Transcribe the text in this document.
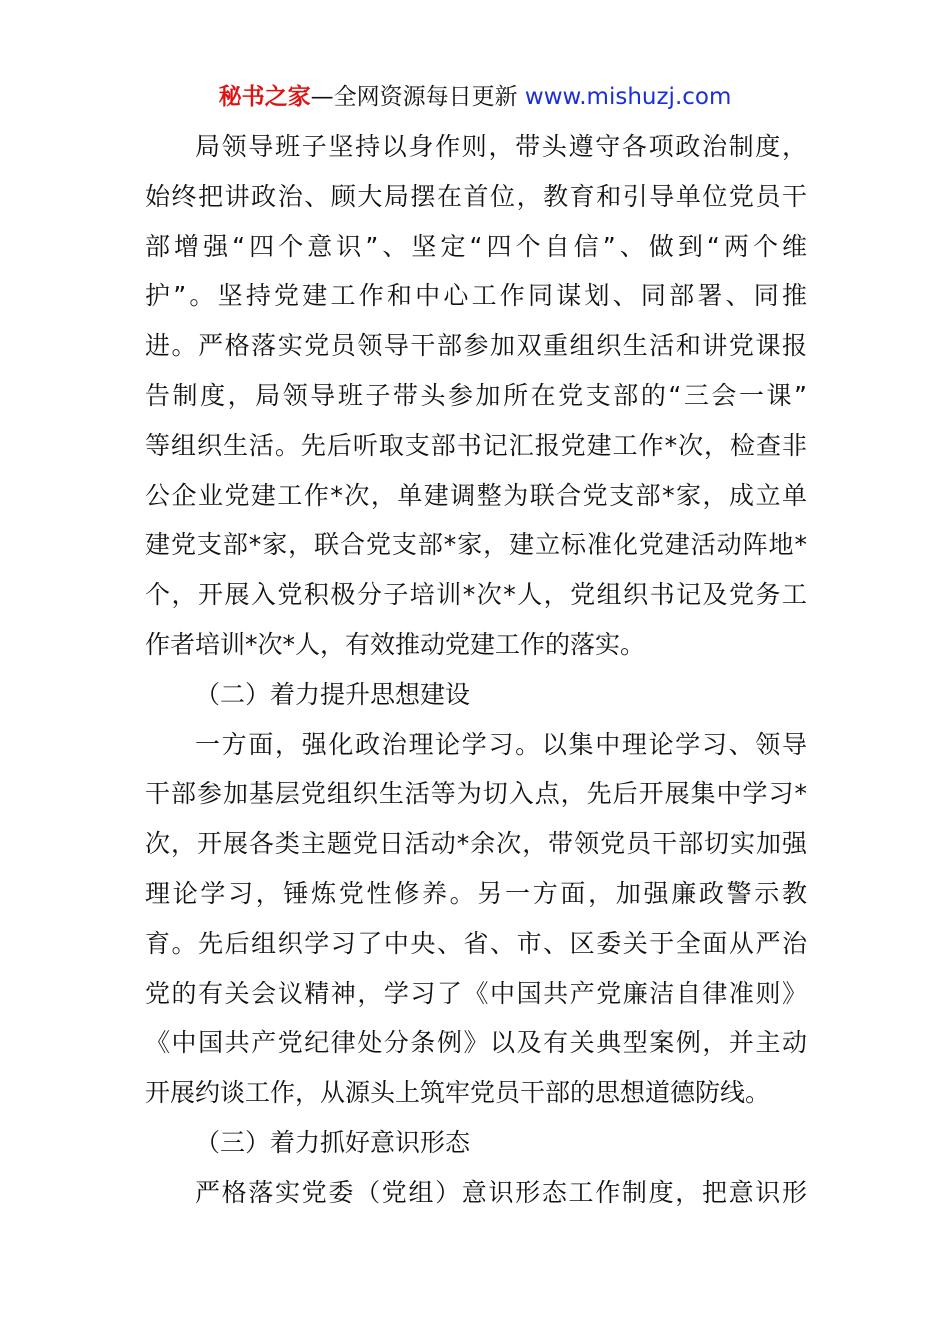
秘书之家—全网资源每日更新 www.mishuzj.com
局领导班子坚持以身作则，带头遵守各项政治制度，
始终把讲政治、顾大局摆在首位，教育和引导单位党员干
部增强“四个意识”、坚定“四个自信”、做到“两个维
护”。坚持党建工作和中心工作同谋划、同部署、同推
进。严格落实党员领导干部参加双重组织生活和讲党课报
告制度，局领导班子带头参加所在党支部的“三会一课”
等组织生活。先后听取支部书记汇报党建工作*次，检查非
公企业党建工作*次，单建调整为联合党支部*家，成立单
建党支部*家，联合党支部*家，建立标准化党建活动阵地*
个，开展入党积极分子培训*次*人，党组织书记及党务工
作者培训*次*人，有效推动党建工作的落实。
（二）着力提升思想建设
一方面，强化政治理论学习。以集中理论学习、领导
干部参加基层党组织生活等为切入点，先后开展集中学习*
次，开展各类主题党日活动*余次，带领党员干部切实加强
理论学习，锤炼党性修养。另一方面，加强廉政警示教
育。先后组织学习了中央、省、市、区委关于全面从严治
党的有关会议精神，学习了《中国共产党廉洁自律准则》
《中国共产党纪律处分条例》以及有关典型案例，并主动
开展约谈工作，从源头上筑牢党员干部的思想道德防线。
（三）着力抓好意识形态
严格落实党委（党组）意识形态工作制度，把意识形
